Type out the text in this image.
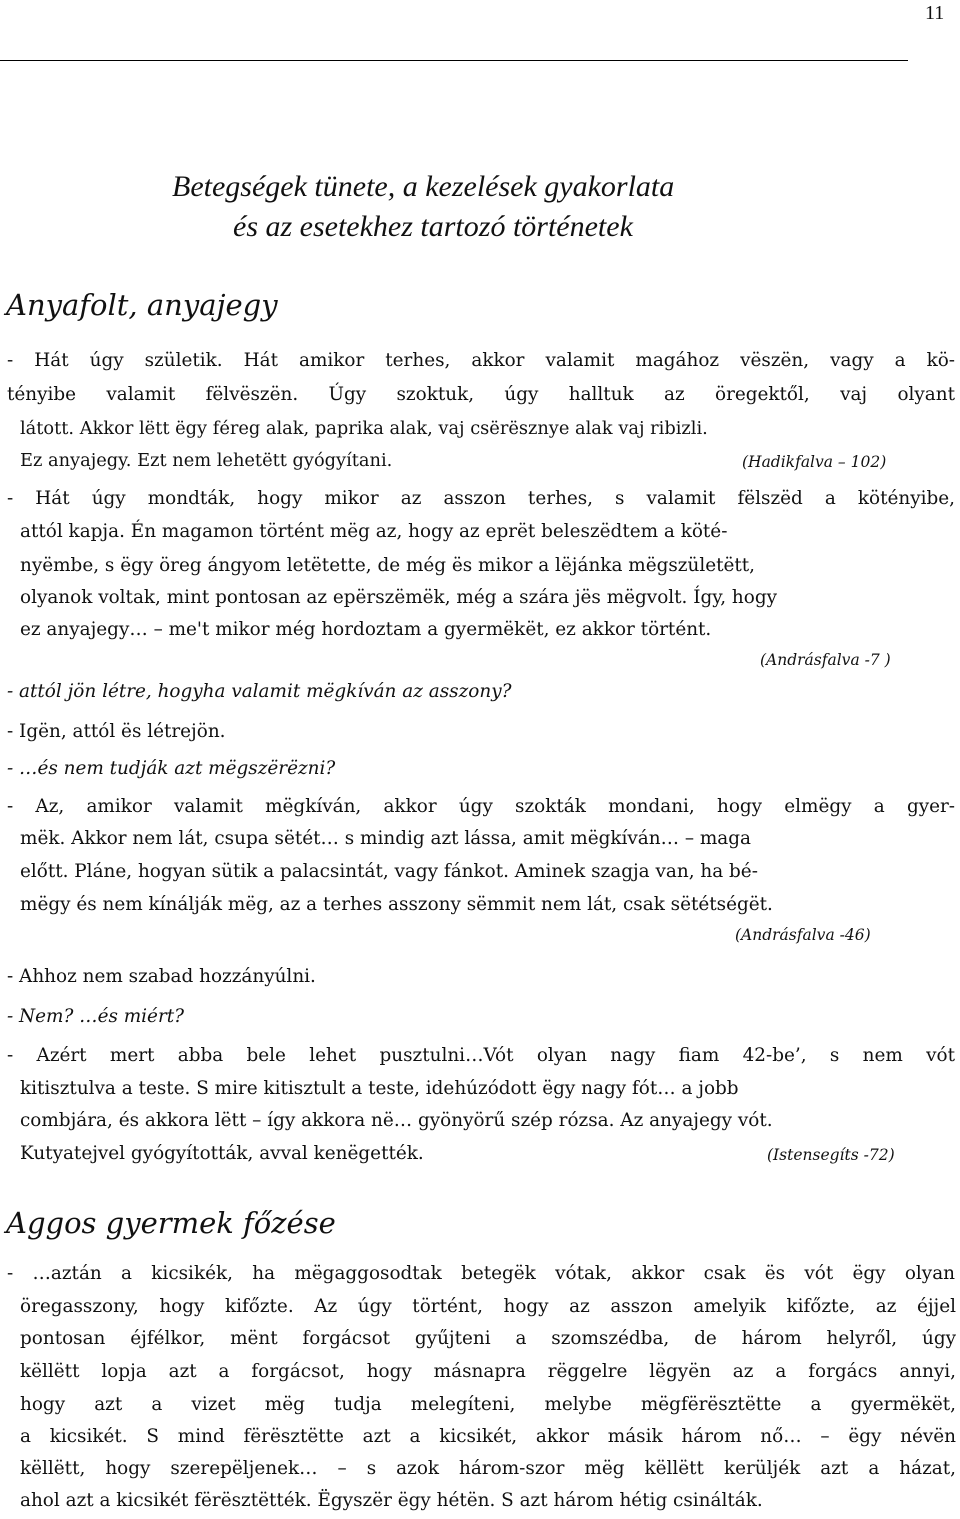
11
Betegségek tünete, a kezelések gyakorlata
és az esetekhez tartozó történetek
Anyafolt, anyajegy
- Hát úgy születik. Hát amikor terhes, akkor valamit magához vëszën, vagy a kö-
tényibe valamit fëlvëszën. Úgy szoktuk, úgy halltuk az öregektől, vaj olyant
látott. Akkor lëtt ëgy féreg alak, paprika alak, vaj csërësznye alak vaj ribizli.
Ez anyajegy. Ezt nem lehetëtt gyógyítani.	(Hadikfalva – 102)
- Hát úgy mondták, hogy mikor az asszon terhes, s valamit fëlszëd a kötényibe,
attól kapja. Én magamon történt mëg az, hogy az eprët beleszëdtem a köté-
nyëmbe, s ëgy öreg ángyom letëtette, de még ës mikor a lëjánka mëgszületëtt,
olyanok voltak, mint pontosan az epërszëmëk, még a szára jës mëgvolt. Így, hogy
ez anyajegy… – me't mikor még hordoztam a gyermëkët, ez akkor történt.
(Andrásfalva -7 )
- attól jön létre, hogyha valamit mëgkíván az asszony?
- Igën, attól ës létrejön.
- …és nem tudják azt mëgszërëzni?
- Az, amikor valamit mëgkíván, akkor úgy szokták mondani, hogy elmëgy a gyer-
mëk. Akkor nem lát, csupa sëtét… s mindig azt lássa, amit mëgkíván… – maga
előtt. Pláne, hogyan sütik a palacsintát, vagy fánkot. Aminek szagja van, ha bé-
mëgy és nem kínálják mëg, az a terhes asszony sëmmit nem lát, csak sëtétségët.
(Andrásfalva -46)
- Ahhoz nem szabad hozzányúlni.
- Nem? …és miért?
- Azért mert abba bele lehet pusztulni…Vót olyan nagy fiam 42-be’, s nem vót
kitisztulva a teste. S mire kitisztult a teste, idehúzódott ëgy nagy fót… a jobb
combjára, és akkora lëtt – így akkora në… gyönyörű szép rózsa. Az anyajegy vót.
Kutyatejvel gyógyították, avval kenëgették.	(Istensegíts -72)
Aggos gyermek főzése
- …aztán a kicsikék, ha mëgaggosodtak betegëk vótak, akkor csak ës vót ëgy olyan
öregasszony, hogy kifőzte. Az úgy történt, hogy az asszon amelyik kifőzte, az éjjel
pontosan éjfélkor, mënt forgácsot gyűjteni a szomszédba, de három helyről, úgy
këllëtt lopja azt a forgácsot, hogy másnapra rëggelre lëgyën az a forgács annyi,
hogy azt a vizet mëg tudja melegíteni, melybe mëgfërësztëtte a gyermëkët,
a kicsikét. S mind fërësztëtte azt a kicsikét, akkor másik három nő… – ëgy névën
këllëtt, hogy szerepëljenek… – s azok három-szor mëg këllëtt kerüljék azt a házat,
ahol azt a kicsikét fërësztëtték. Ëgyszër ëgy hétën. S azt három hétig csinálták.
